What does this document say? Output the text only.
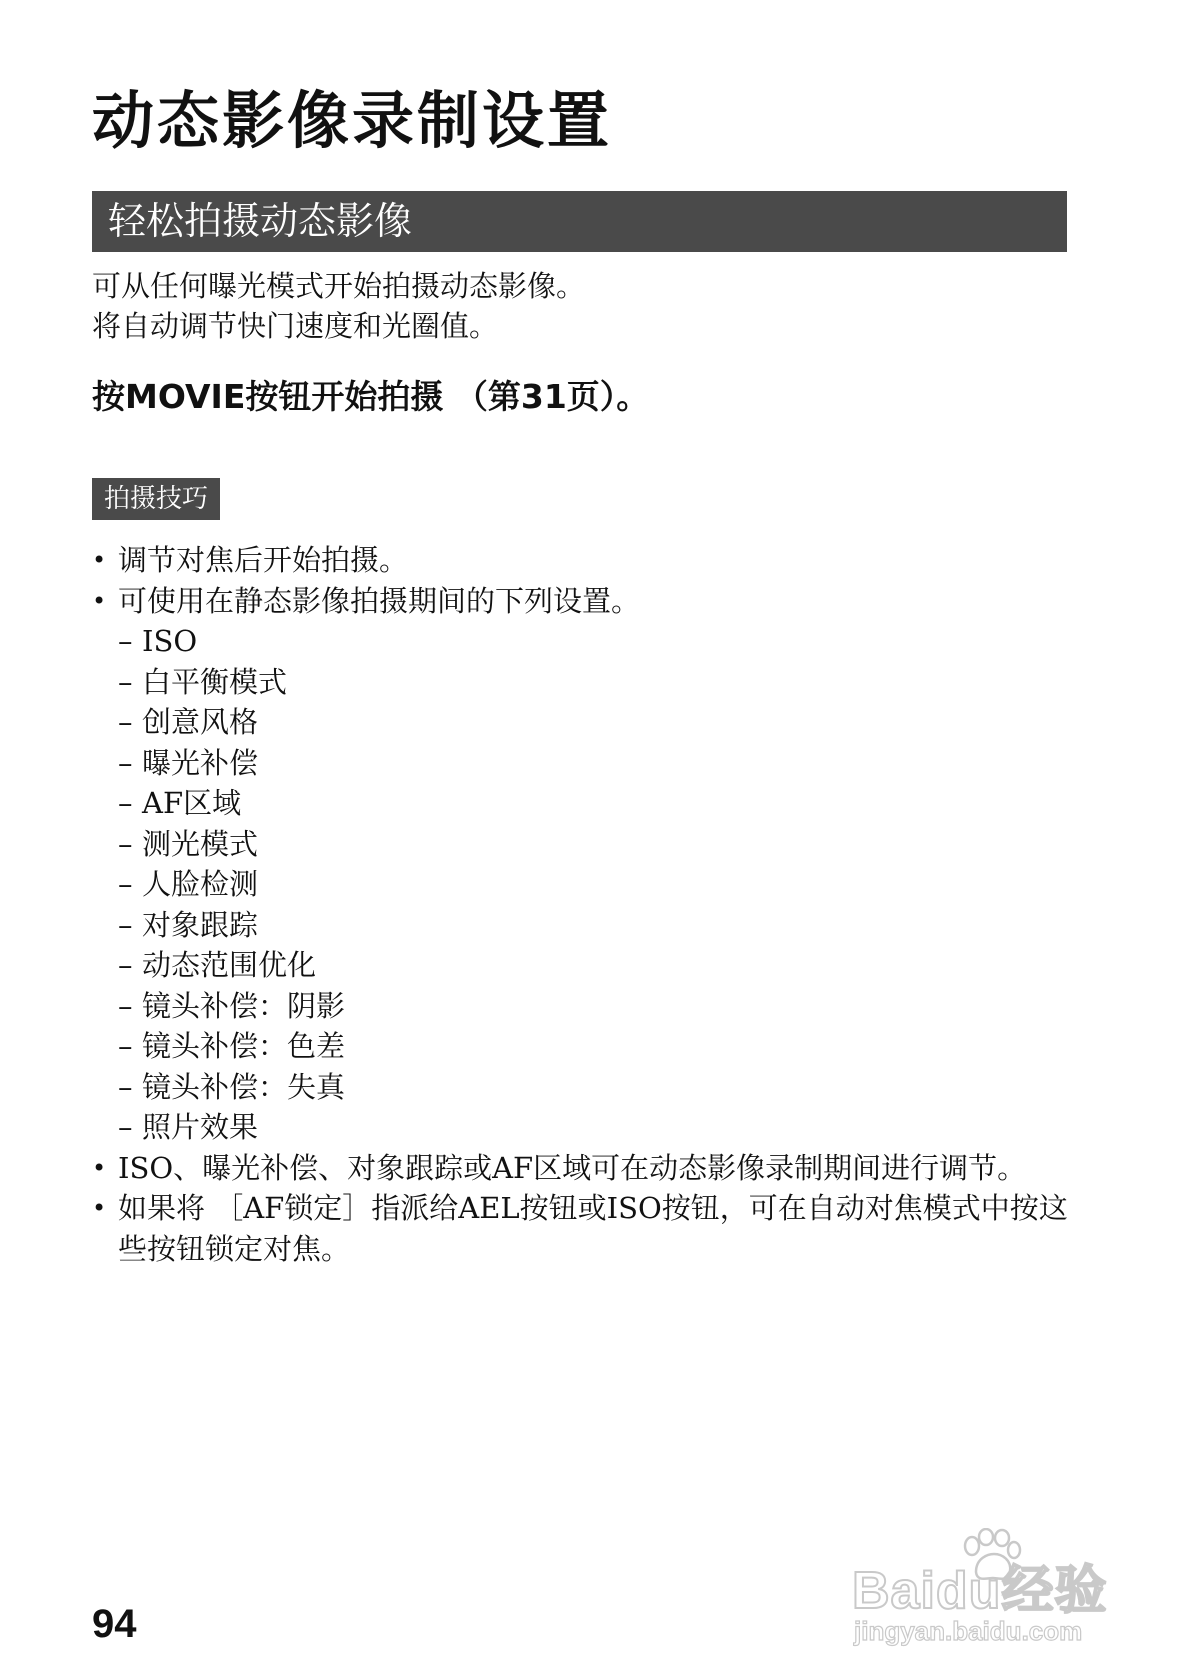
动态影像录制设置
轻松拍摄动态影像
可从任何曝光模式开始拍摄动态影像。
将自动调节快门速度和光圈值。
按MOVIE按钮开始拍摄 （第31页）。
拍摄技巧
• 调节对焦后开始拍摄。
• 可使用在静态影像拍摄期间的下列设置。
– ISO
– 白平衡模式
– 创意风格
– 曝光补偿
– AF区域
– 测光模式
– 人脸检测
– 对象跟踪
– 动态范围优化
– 镜头补偿：阴影
– 镜头补偿：色差
– 镜头补偿：失真
– 照片效果
• ISO、曝光补偿、对象跟踪或AF区域可在动态影像录制期间进行调节。
• 如果将 ［AF锁定］指派给AEL按钮或ISO按钮，可在自动对焦模式中按这些按钮锁定对焦。
Baidu经验
jingyan.baidu.com
94
